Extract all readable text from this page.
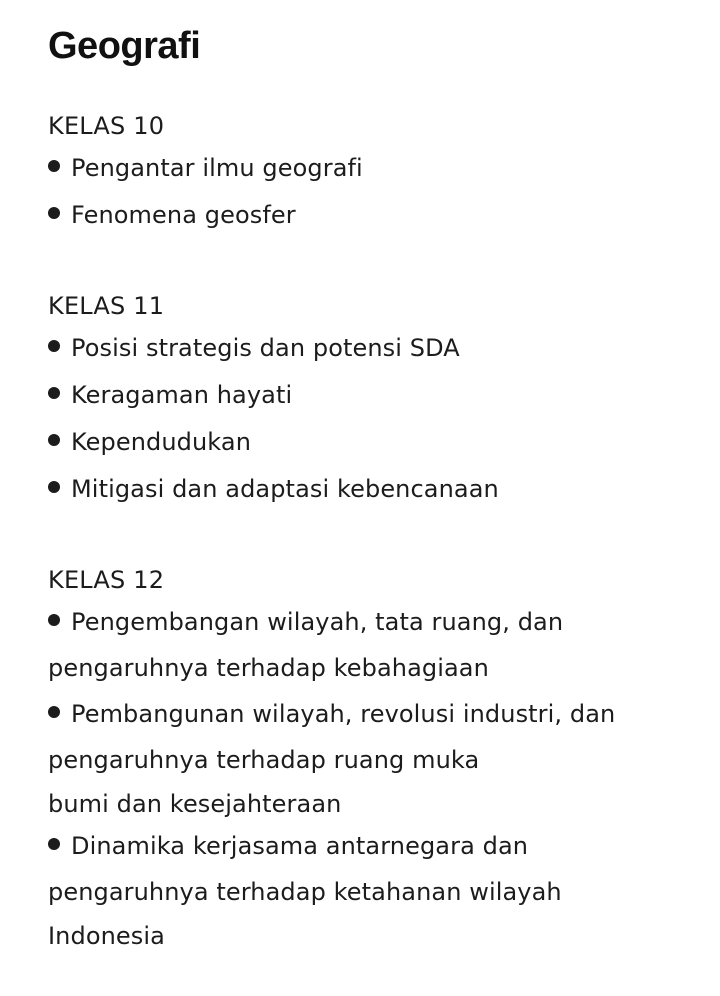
Geografi
KELAS 10
Pengantar ilmu geografi
Fenomena geosfer
KELAS 11
Posisi strategis dan potensi SDA
Keragaman hayati
Kependudukan
Mitigasi dan adaptasi kebencanaan
KELAS 12
Pengembangan wilayah, tata ruang, dan
pengaruhnya terhadap kebahagiaan
Pembangunan wilayah, revolusi industri, dan
pengaruhnya terhadap ruang muka
bumi dan kesejahteraan
Dinamika kerjasama antarnegara dan
pengaruhnya terhadap ketahanan wilayah
Indonesia
